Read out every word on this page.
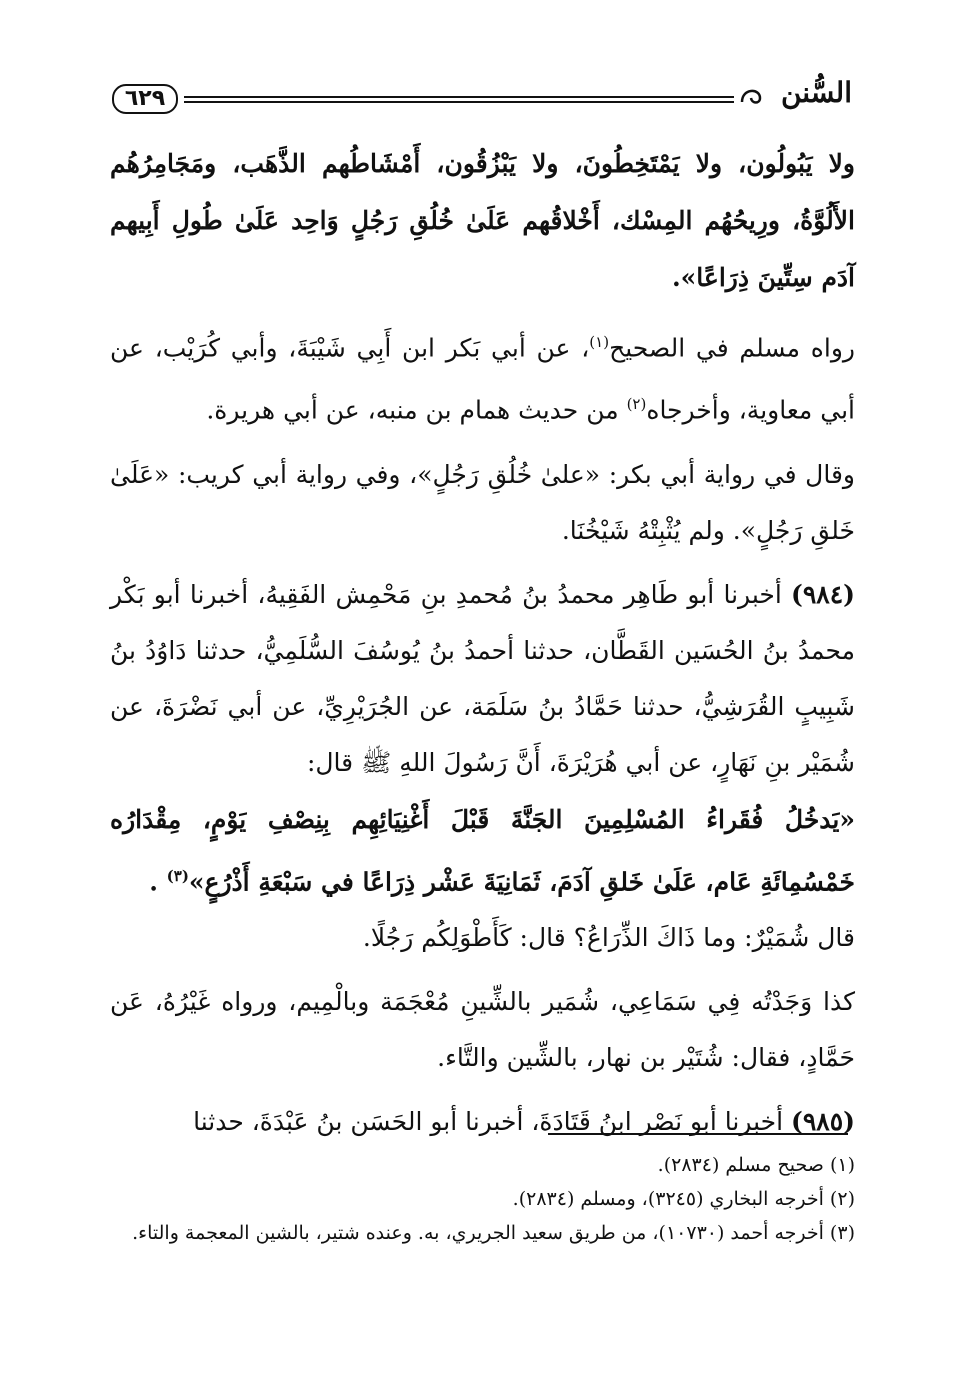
٦٢٩	السُّنن

ولا يَبُولُون، ولا يَمْتَخِطُونَ، ولا يَبْزُقُون، أَمْشَاطُهم الذَّهَب، ومَجَامِرُهُم الأَلُوَّةُ، ورِيحُهُم المِسْك، أَخْلاقُهم عَلَىٰ خُلُقِ رَجُلٍ وَاحِد عَلَىٰ طُولِ أَبِيهم آدَم سِتِّينَ ذِرَاعًا».

رواه مسلم في الصحيح$^{(١)}$، عن أبي بَكر ابن أَبِي شَيْبَةَ، وأبي كُرَيْب، عن أبي معاوية، وأخرجاه$^{(٢)}$ من حديث همام بن منبه، عن أبي هريرة.

وقال في رواية أبي بكر: «علىٰ خُلُقِ رَجُلٍ»، وفي رواية أبي كريب: «عَلَىٰ خَلقِ رَجُلٍ». ولم يُثْبِتْهُ شَيْخُنَا.

(٩٨٤) أخبرنا أبو طَاهِر محمدُ بنُ مُحمدِ بنِ مَحْمِش الفَقِيهُ، أخبرنا أبو بَكْر محمدُ بنُ الحُسَين القَطَّان، حدثنا أحمدُ بنُ يُوسُفَ السُّلَمِيُّ، حدثنا دَاوُدُ بنُ شَبِيبٍ القُرَشِيُّ، حدثنا حَمَّادُ بنُ سَلَمَة، عن الجُرَيْرِيِّ، عن أبي نَضْرَةَ، عن شُمَيْر بنِ نَهَارٍ، عن أبي هُرَيْرَةَ، أَنَّ رَسُولَ اللهِ ﷺ قال:

«يَدخُلُ فُقَراءُ المُسْلِمِينَ الجَنَّةَ قَبْلَ أَغْنِيَائِهِم بِنِصْفِ يَوْمٍ، مِقْدَارُه خَمْسُمِائَةِ عَام، عَلَىٰ خَلقِ آدَمَ، ثَمَانِيَةَ عَشْر ذِرَاعًا في سَبْعَةِ أَذْرُعٍ»$^{(٣)}$ .

قال شُمَيْرٌ: وما ذَاكَ الذِّرَاعُ؟ قال: كَأَطْوَلِكُم رَجُلًا.

كذا وَجَدْتُه فِي سَمَاعِي، شُمَير بالشِّينِ مُعْجَمَة وبالْمِيم، ورواه غَيْرُهُ، عَن حَمَّادٍ، فقال: شُتَيْر بن نهار، بالشِّين والتَّاء.

(٩٨٥) أخبرنا أبو نَصْر ابنُ قَتَادَةَ، أخبرنا أبو الحَسَن بنُ عَبْدَةَ، حدثنا

(١) صحيح مسلم (٢٨٣٤).

(٢) أخرجه البخاري (٣٢٤٥)، ومسلم (٢٨٣٤).

(٣) أخرجه أحمد (١٠٧٣٠)، من طريق سعيد الجريري، به. وعنده شتير، بالشين المعجمة والتاء.
